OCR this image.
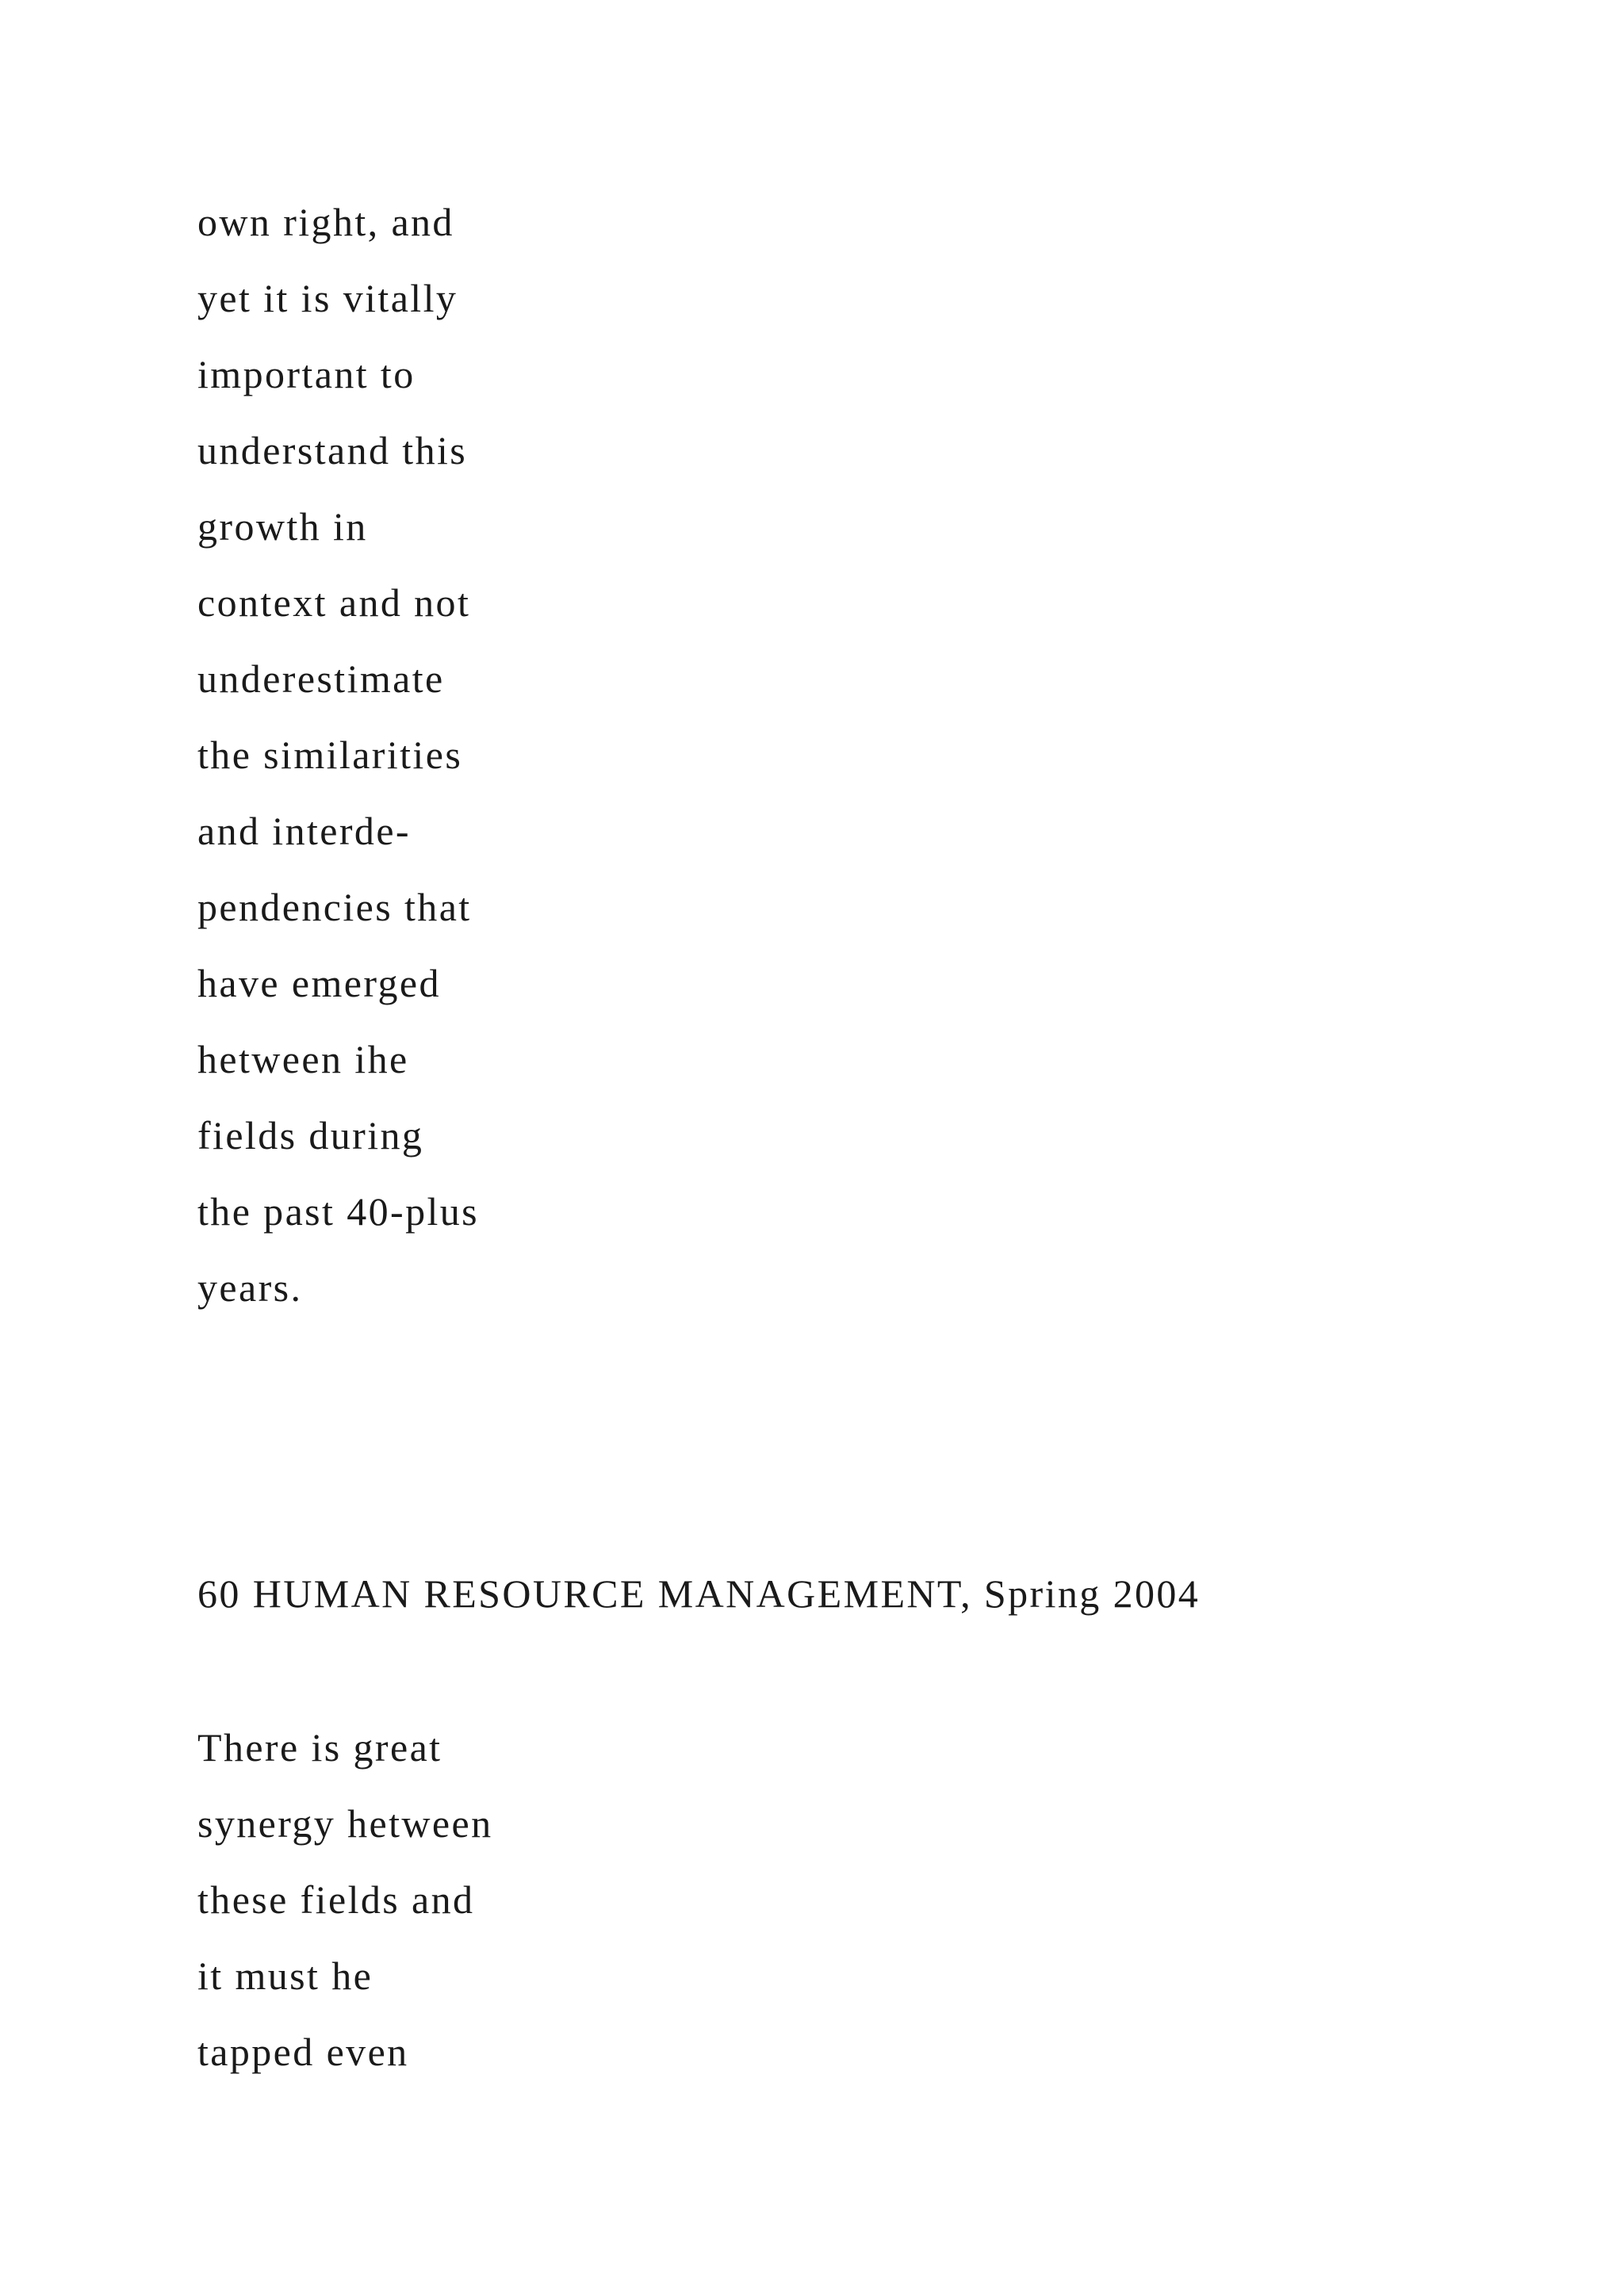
own right, and
yet it is vitally
important to
understand this
growth in
context and not
underestimate
the similarities
and interde-
pendencies that
have emerged
hetween ihe
fields during
the past 40-plus
years.
60 HUMAN RESOURCE MANAGEMENT, Spring 2004
There is great
synergy hetween
these fields and
it must he
tapped even
